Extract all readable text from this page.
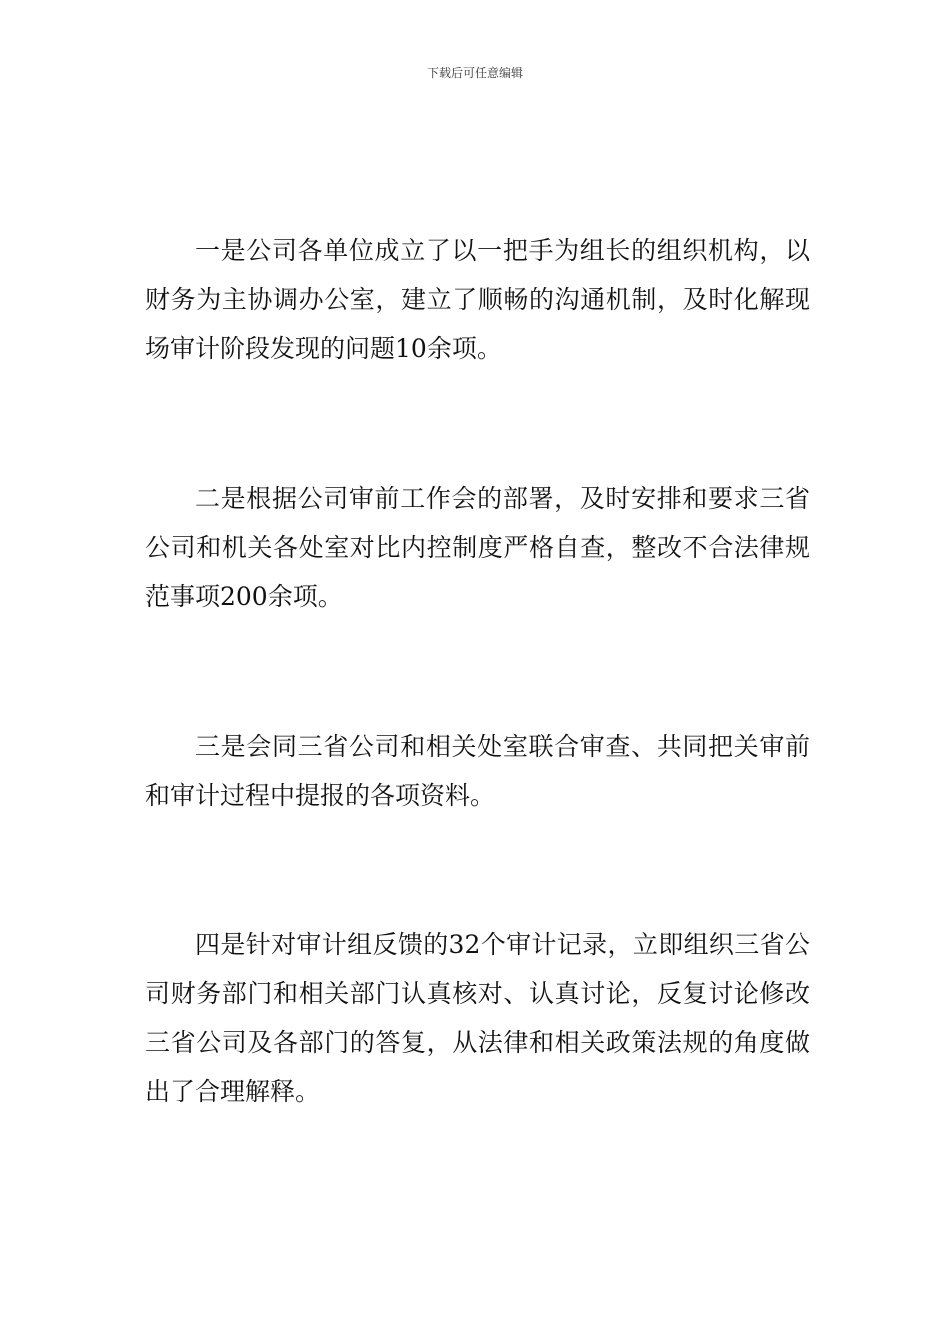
下载后可任意编辑

一是公司各单位成立了以一把手为组长的组织机构，以财务为主协调办公室，建立了顺畅的沟通机制，及时化解现场审计阶段发现的问题10余项。

二是根据公司审前工作会的部署，及时安排和要求三省公司和机关各处室对比内控制度严格自查，整改不合法律规范事项200余项。

三是会同三省公司和相关处室联合审查、共同把关审前和审计过程中提报的各项资料。

四是针对审计组反馈的32个审计记录，立即组织三省公司财务部门和相关部门认真核对、认真讨论，反复讨论修改三省公司及各部门的答复，从法律和相关政策法规的角度做出了合理解释。
